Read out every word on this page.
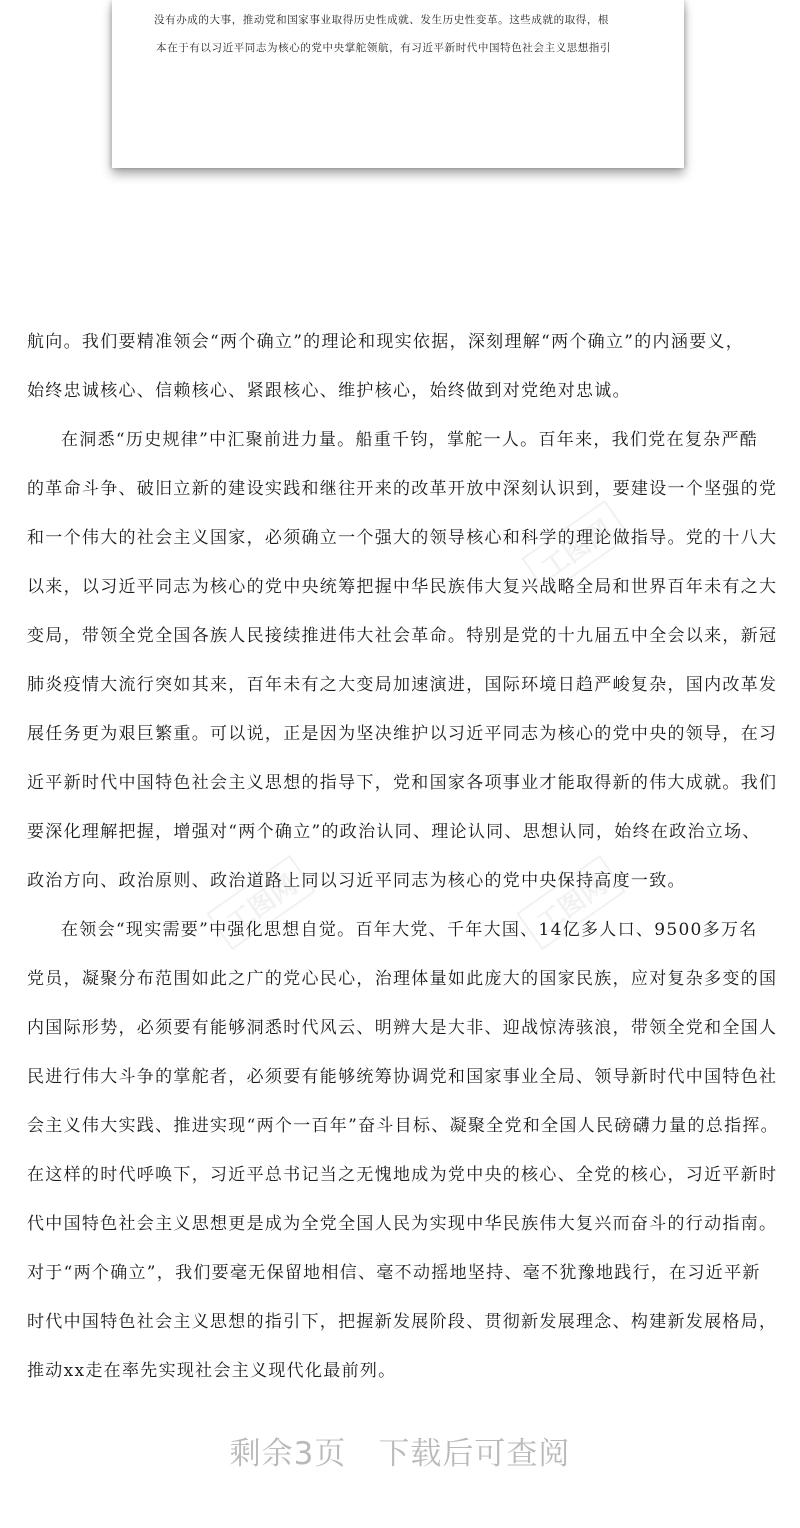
没有办成的大事，推动党和国家事业取得历史性成就、发生历史性变革。这些成就的取得，根
本在于有以习近平同志为核心的党中央掌舵领航，有习近平新时代中国特色社会主义思想指引
工图网
工图网	工图网
航向。我们要精准领会“两个确立”的理论和现实依据，深刻理解“两个确立”的内涵要义，
始终忠诚核心、信赖核心、紧跟核心、维护核心，始终做到对党绝对忠诚。
在洞悉“历史规律”中汇聚前进力量。船重千钧，掌舵一人。百年来，我们党在复杂严酷
的革命斗争、破旧立新的建设实践和继往开来的改革开放中深刻认识到，要建设一个坚强的党
和一个伟大的社会主义国家，必须确立一个强大的领导核心和科学的理论做指导。党的十八大
以来，以习近平同志为核心的党中央统筹把握中华民族伟大复兴战略全局和世界百年未有之大
变局，带领全党全国各族人民接续推进伟大社会革命。特别是党的十九届五中全会以来，新冠
肺炎疫情大流行突如其来，百年未有之大变局加速演进，国际环境日趋严峻复杂，国内改革发
展任务更为艰巨繁重。可以说，正是因为坚决维护以习近平同志为核心的党中央的领导，在习
近平新时代中国特色社会主义思想的指导下，党和国家各项事业才能取得新的伟大成就。我们
要深化理解把握，增强对“两个确立”的政治认同、理论认同、思想认同，始终在政治立场、
政治方向、政治原则、政治道路上同以习近平同志为核心的党中央保持高度一致。
在领会“现实需要”中强化思想自觉。百年大党、千年大国、14亿多人口、9500多万名
党员，凝聚分布范围如此之广的党心民心，治理体量如此庞大的国家民族，应对复杂多变的国
内国际形势，必须要有能够洞悉时代风云、明辨大是大非、迎战惊涛骇浪，带领全党和全国人
民进行伟大斗争的掌舵者，必须要有能够统筹协调党和国家事业全局、领导新时代中国特色社
会主义伟大实践、推进实现“两个一百年”奋斗目标、凝聚全党和全国人民磅礴力量的总指挥。
在这样的时代呼唤下，习近平总书记当之无愧地成为党中央的核心、全党的核心，习近平新时
代中国特色社会主义思想更是成为全党全国人民为实现中华民族伟大复兴而奋斗的行动指南。
对于“两个确立”，我们要毫无保留地相信、毫不动摇地坚持、毫不犹豫地践行，在习近平新
时代中国特色社会主义思想的指引下，把握新发展阶段、贯彻新发展理念、构建新发展格局，
推动xx走在率先实现社会主义现代化最前列。
剩余3页 下载后可查阅
